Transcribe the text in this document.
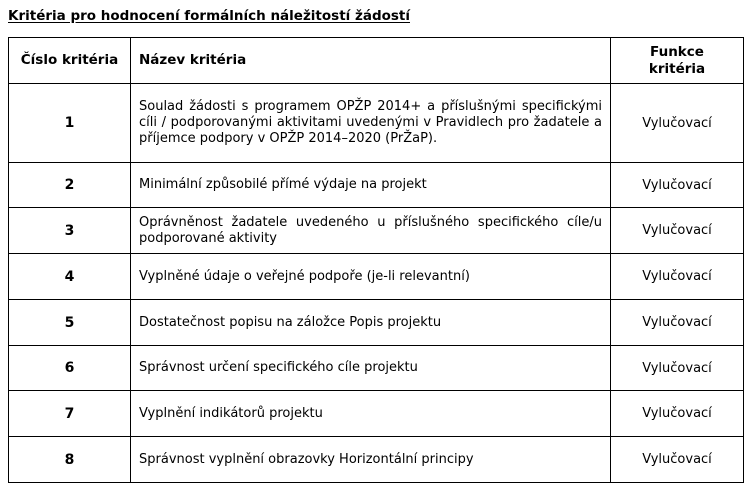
Kritéria pro hodnocení formálních náležitostí žádostí
Číslo kritéria	Název kritéria	Funkce
kritéria
1	Soulad žádosti s programem OPŽP 2014+ a příslušnými specifickými cíli / podporovanými aktivitami uvedenými v Pravidlech pro žadatele a příjemce podpory v OPŽP 2014–2020 (PrŽaP).	Vylučovací
2	Minimální způsobilé přímé výdaje na projekt	Vylučovací
3	Oprávněnost žadatele uvedeného u příslušného specifického cíle/u podporované aktivity	Vylučovací
4	Vyplněné údaje o veřejné podpoře (je-li relevantní)	Vylučovací
5	Dostatečnost popisu na záložce Popis projektu	Vylučovací
6	Správnost určení specifického cíle projektu	Vylučovací
7	Vyplnění indikátorů projektu	Vylučovací
8	Správnost vyplnění obrazovky Horizontální principy	Vylučovací
